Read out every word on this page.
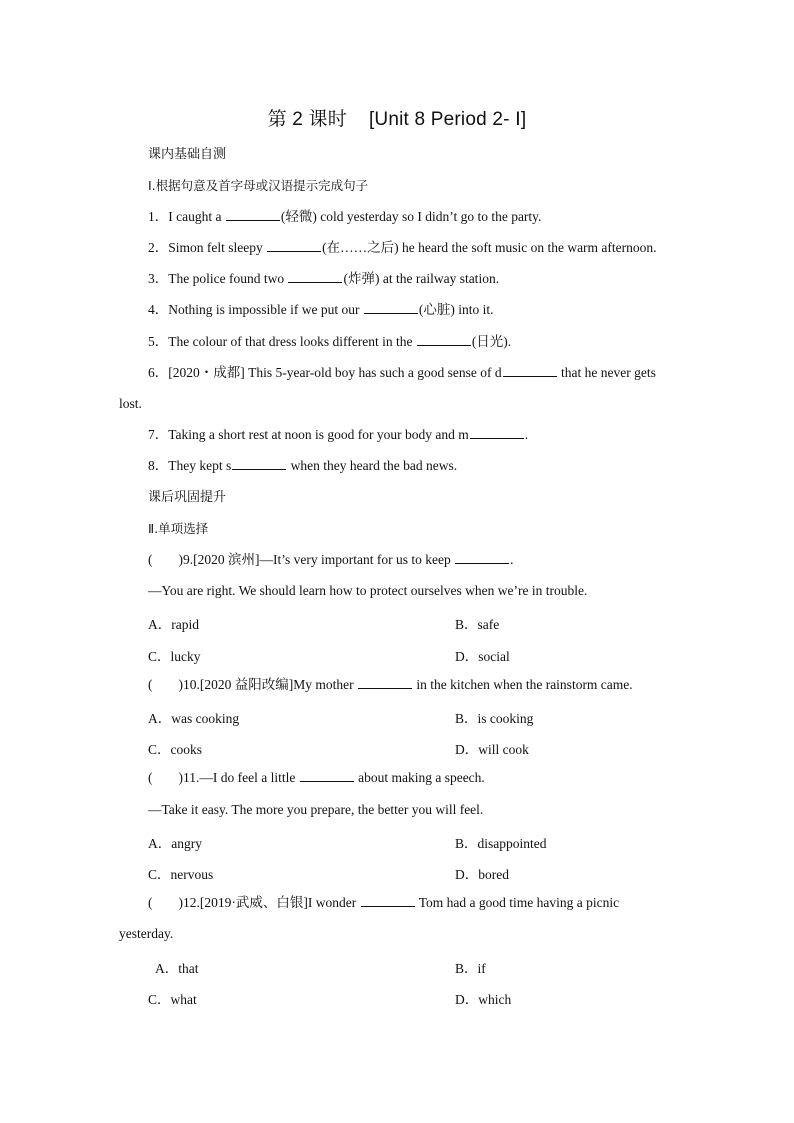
第 2 课时 [Unit 8 Period 2- Ⅰ]
课内基础自测
Ⅰ.根据句意及首字母或汉语提示完成句子
1．I caught a	(轻微) cold yesterday so I didn’t go to the party.
2．Simon felt sleepy	(在……之后) he heard the soft music on the warm afternoon.
3．The police found two	(炸弹) at the railway station.
4．Nothing is impossible if we put our	(心脏) into it.
5．The colour of that dress looks different in the	(日光).
6．[2020・成都] This 5-year-old boy has such a good sense of d	that he never gets
lost.
7．Taking a short rest at noon is good for your body and m	.
8．They kept s	when they heard the bad news.
课后巩固提升
Ⅱ.单项选择
( )9.[2020 滨州]—It’s very important for us to keep	.
—You are right. We should learn how to protect ourselves when we’re in trouble.
A．rapid	B．safe
C．lucky	D．social
( )10.[2020 益阳改编]My mother	in the kitchen when the rainstorm came.
A．was cooking	B．is cooking
C．cooks	D．will cook
( )11.—I do feel a little	about making a speech.
—Take it easy. The more you prepare, the better you will feel.
A．angry	B．disappointed
C．nervous	D．bored
( )12.[2019·武威、白银]I wonder	Tom had a good time having a picnic
yesterday.
A．that	B．if
C．what	D．which
